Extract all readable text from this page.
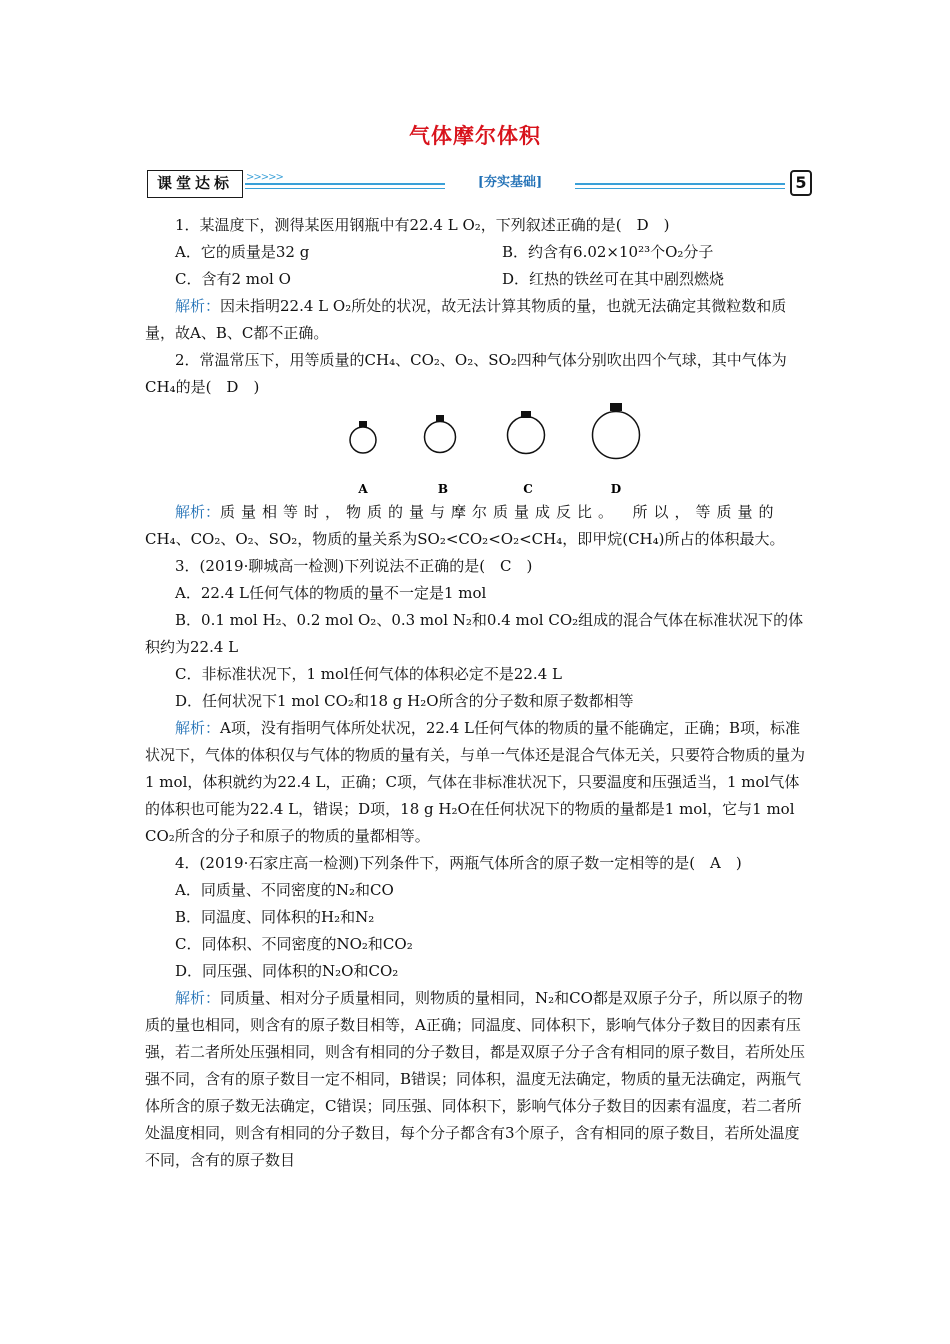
气体摩尔体积
课堂达标	>>>>>	[夯实基础]	5

1．某温度下，测得某医用钢瓶中有22.4 L O₂，下列叙述正确的是(　D　)

A．它的质量是32 g	B．约含有6.02×10²³个O₂分子
C．含有2 mol O	D．红热的铁丝可在其中剧烈燃烧

解析：因未指明22.4 L O₂所处的状况，故无法计算其物质的量，也就无法确定其微粒数和质量，故A、B、C都不正确。

2．常温常压下，用等质量的CH₄、CO₂、O₂、SO₂四种气体分别吹出四个气球，其中气体为CH₄的是(　D　)

A	B	C	D

解析：质量相等时，物质的量与摩尔质量成反比。　所以，等质量的

CH₄、CO₂、O₂、SO₂，物质的量关系为SO₂<CO₂<O₂<CH₄，即甲烷(CH₄)所占的体积最大。

3．(2019·聊城高一检测)下列说法不正确的是(　C　)

A．22.4 L任何气体的物质的量不一定是1 mol

B．0.1 mol H₂、0.2 mol O₂、0.3 mol N₂和0.4 mol CO₂组成的混合气体在标准状况下的体积约为22.4 L

C．非标准状况下，1 mol任何气体的体积必定不是22.4 L

D．任何状况下1 mol CO₂和18 g H₂O所含的分子数和原子数都相等

解析：A项，没有指明气体所处状况，22.4 L任何气体的物质的量不能确定，正确；B项，标准状况下，气体的体积仅与气体的物质的量有关，与单一气体还是混合气体无关，只要符合物质的量为1 mol，体积就约为22.4 L，正确；C项，气体在非标准状况下，只要温度和压强适当，1 mol气体的体积也可能为22.4 L，错误；D项，18 g H₂O在任何状况下的物质的量都是1 mol，它与1 mol CO₂所含的分子和原子的物质的量都相等。

4．(2019·石家庄高一检测)下列条件下，两瓶气体所含的原子数一定相等的是(　A　)

A．同质量、不同密度的N₂和CO

B．同温度、同体积的H₂和N₂

C．同体积、不同密度的NO₂和CO₂

D．同压强、同体积的N₂O和CO₂

解析：同质量、相对分子质量相同，则物质的量相同，N₂和CO都是双原子分子，所以原子的物质的量也相同，则含有的原子数目相等，A正确；同温度、同体积下，影响气体分子数目的因素有压强，若二者所处压强相同，则含有相同的分子数目，都是双原子分子含有相同的原子数目，若所处压强不同，含有的原子数目一定不相同，B错误；同体积，温度无法确定，物质的量无法确定，两瓶气体所含的原子数无法确定，C错误；同压强、同体积下，影响气体分子数目的因素有温度，若二者所处温度相同，则含有相同的分子数目，每个分子都含有3个原子，含有相同的原子数目，若所处温度不同，含有的原子数目
